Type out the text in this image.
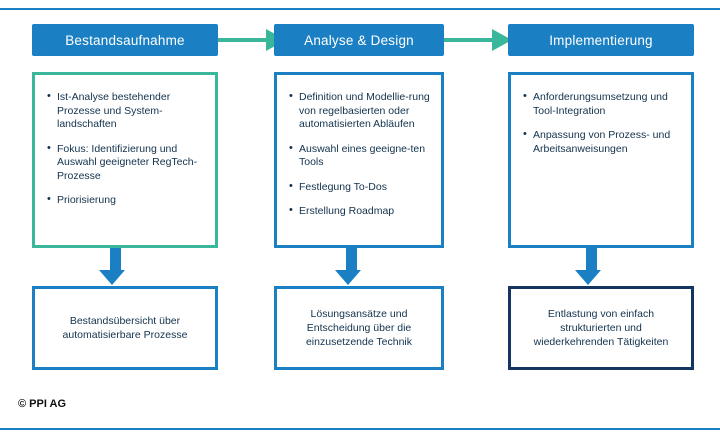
Bestandsaufnahme
• Ist-Analyse bestehender Prozesse und System-landschaften
• Fokus: Identifizierung und Auswahl geeigneter RegTech-Prozesse
• Priorisierung
Bestandsübersicht über automatisierbare Prozesse
Analyse & Design
• Definition und Modellie-rung von regelbasierten oder automatisierten Abläufen
• Auswahl eines geeigne-ten Tools
• Festlegung To-Dos
• Erstellung Roadmap
Lösungsansätze und Entscheidung über die einzusetzende Technik
Implementierung
• Anforderungsumsetzung und Tool-Integration
• Anpassung von Prozess- und Arbeitsanweisungen
Entlastung von einfach strukturierten und wiederkehrenden Tätigkeiten
© PPI AG
